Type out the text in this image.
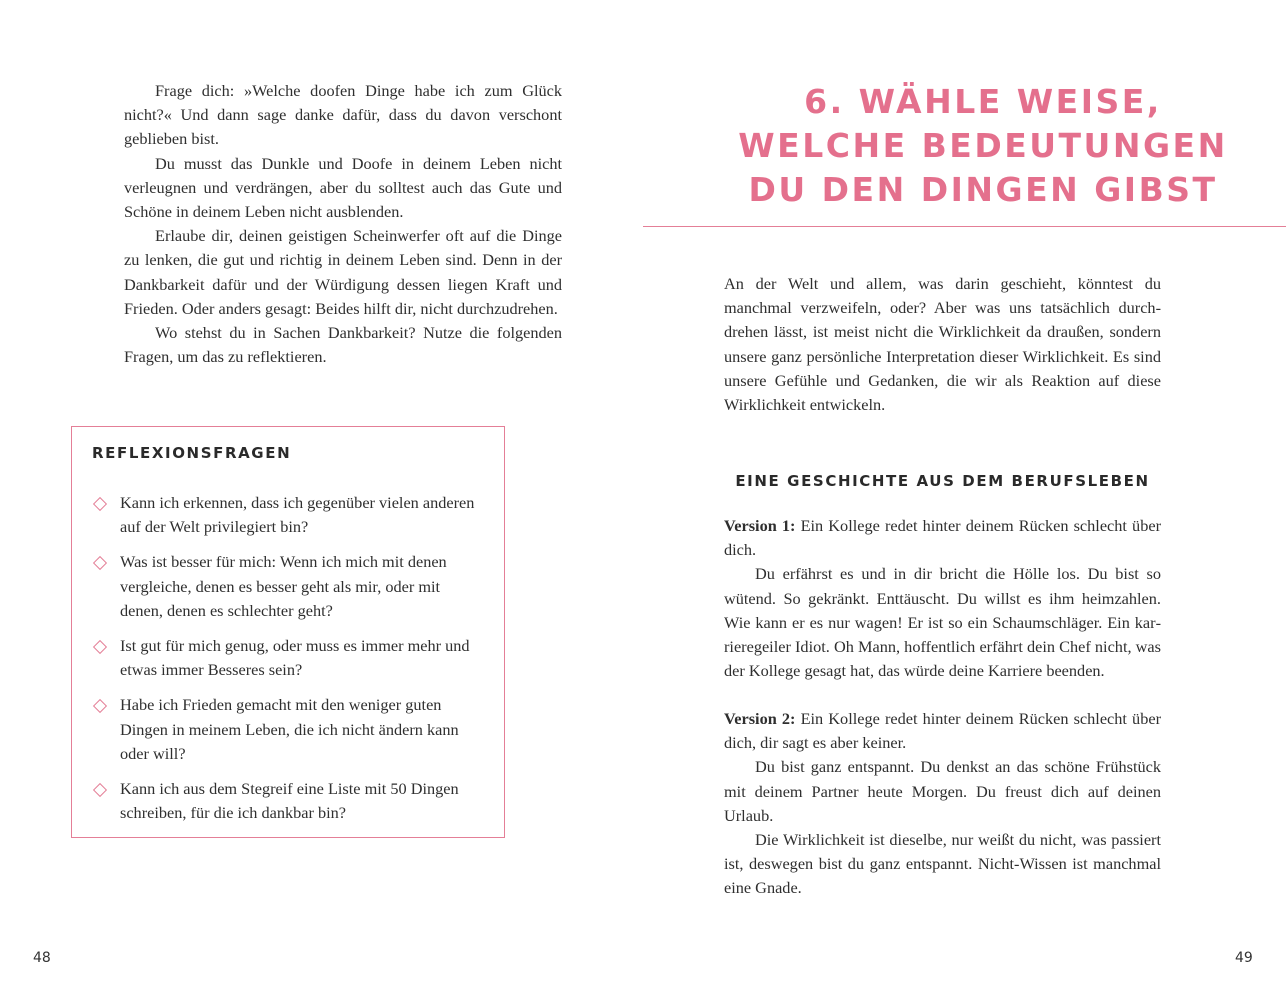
Frage dich: »Welche doofen Dinge habe ich zum Glück nicht?« Und dann sage danke dafür, dass du davon verschont geblieben bist.

Du musst das Dunkle und Doofe in deinem Leben nicht verleugnen und verdrängen, aber du solltest auch das Gute und Schöne in deinem Leben nicht ausblenden.

Erlaube dir, deinen geistigen Scheinwerfer oft auf die Dinge zu lenken, die gut und richtig in deinem Leben sind. Denn in der Dankbarkeit dafür und der Würdigung dessen liegen Kraft und Frieden. Oder anders gesagt: Beides hilft dir, nicht durchzudrehen.

Wo stehst du in Sachen Dankbarkeit? Nutze die folgenden Fragen, um das zu reflektieren.

REFLEXIONSFRAGEN
Kann ich erkennen, dass ich gegenüber vielen anderen auf der Welt privilegiert bin?
Was ist besser für mich: Wenn ich mich mit denen vergleiche, denen es besser geht als mir, oder mit denen, denen es schlechter geht?
Ist gut für mich genug, oder muss es immer mehr und etwas immer Besseres sein?
Habe ich Frieden gemacht mit den weniger guten Dingen in meinem Leben, die ich nicht ändern kann oder will?
Kann ich aus dem Stegreif eine Liste mit 50 Dingen schreiben, für die ich dankbar bin?
48
6. WÄHLE WEISE,
WELCHE BEDEUTUNGEN
DU DEN DINGEN GIBST

An der Welt und allem, was darin geschieht, könntest du manchmal verzweifeln, oder? Aber was uns tatsächlich durchdrehen lässt, ist meist nicht die Wirklichkeit da draußen, sondern unsere ganz persönliche Interpretation dieser Wirklichkeit. Es sind unsere Gefühle und Gedanken, die wir als Reaktion auf diese Wirklichkeit entwickeln.

EINE GESCHICHTE AUS DEM BERUFSLEBEN

Version 1: Ein Kollege redet hinter deinem Rücken schlecht über dich.

Du erfährst es und in dir bricht die Hölle los. Du bist so wütend. So gekränkt. Enttäuscht. Du willst es ihm heimzahlen. Wie kann er es nur wagen! Er ist so ein Schaumschläger. Ein karrieregeiler Idiot. Oh Mann, hoffentlich erfährt dein Chef nicht, was der Kollege gesagt hat, das würde deine Karriere beenden.

Version 2: Ein Kollege redet hinter deinem Rücken schlecht über dich, dir sagt es aber keiner.

Du bist ganz entspannt. Du denkst an das schöne Frühstück mit deinem Partner heute Morgen. Du freust dich auf deinen Urlaub.

Die Wirklichkeit ist dieselbe, nur weißt du nicht, was passiert ist, deswegen bist du ganz entspannt. Nicht-Wissen ist manchmal eine Gnade.

49
